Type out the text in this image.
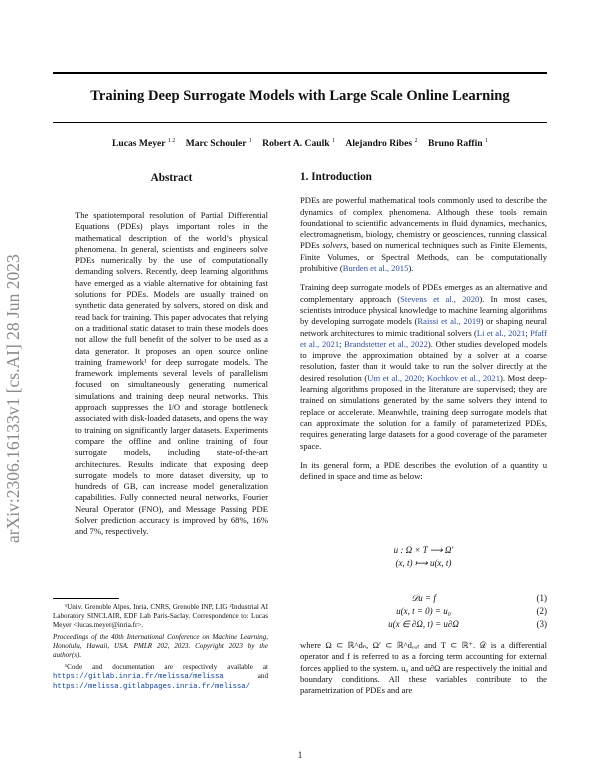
Training Deep Surrogate Models with Large Scale Online Learning
Lucas Meyer $^{1 2}$ Marc Schouler $^1$ Robert A. Caulk $^1$ Alejandro Ribes $^2$ Bruno Raffin $^1$
arXiv:2306.16133v1 [cs.AI] 28 Jun 2023
Abstract
The spatiotemporal resolution of Partial Differential Equations (PDEs) plays important roles in the mathematical description of the world’s physical phenomena. In general, scientists and engineers solve PDEs numerically by the use of computationally demanding solvers. Recently, deep learning algorithms have emerged as a viable alternative for obtaining fast solutions for PDEs. Models are usually trained on synthetic data generated by solvers, stored on disk and read back for training. This paper advocates that relying on a traditional static dataset to train these models does not allow the full benefit of the solver to be used as a data generator. It proposes an open source online training framework¹ for deep surrogate models. The framework implements several levels of parallelism focused on simultaneously generating numerical simulations and training deep neural networks. This approach suppresses the I/O and storage bottleneck associated with disk-loaded datasets, and opens the way to training on significantly larger datasets. Experiments compare the offline and online training of four surrogate models, including state-of-the-art architectures. Results indicate that exposing deep surrogate models to more dataset diversity, up to hundreds of GB, can increase model generalization capabilities. Fully connected neural networks, Fourier Neural Operator (FNO), and Message Passing PDE Solver prediction accuracy is improved by 68%, 16% and 7%, respectively.
¹Univ. Grenoble Alpes, Inria, CNRS, Grenoble INP, LIG ²Industrial AI Laboratory SINCLAIR, EDF Lab Paris-Saclay. Correspondence to: Lucas Meyer <lucas.meyer@inria.fr>.
Proceedings of the 40th International Conference on Machine Learning, Honolulu, Hawaii, USA. PMLR 202, 2023. Copyright 2023 by the author(s).
¹Code and documentation are respectively available at https://gitlab.inria.fr/melissa/melissa and https://melissa.gitlabpages.inria.fr/melissa/
1. Introduction

PDEs are powerful mathematical tools commonly used to describe the dynamics of complex phenomena. Although these tools remain foundational to scientific advancements in fluid dynamics, mechanics, electromagnetism, biology, chemistry or geosciences, running classical PDEs solvers, based on numerical techniques such as Finite Elements, Finite Volumes, or Spectral Methods, can be computationally prohibitive (Burden et al., 2015).

Training deep surrogate models of PDEs emerges as an alternative and complementary approach (Stevens et al., 2020). In most cases, scientists introduce physical knowledge to machine learning algorithms by developing surrogate models (Raissi et al., 2019) or shaping neural network architectures to mimic traditional solvers (Li et al., 2021; Pfaff et al., 2021; Brandstetter et al., 2022). Other studies developed models to improve the approximation obtained by a solver at a coarse resolution, faster than it would take to run the solver directly at the desired resolution (Um et al., 2020; Kochkov et al., 2021). Most deep-learning algorithms proposed in the literature are supervised; they are trained on simulations generated by the same solvers they intend to replace or accelerate. Meanwhile, training deep surrogate models that can approximate the solution for a family of parameterized PDEs, requires generating large datasets for a good coverage of the parameter space.

In its general form, a PDE describes the evolution of a quantity u defined in space and time as below:

u : Ω × T ⟶ Ω′
(x, t) ⟼ u(x, t)
𝒟u = f	(1)
u(x, t = 0) = u₀	(2)
u(x ∈ ∂Ω, t) = u∂Ω	(3)
where Ω ⊂ ℝ^dₙ, Ω′ ⊂ ℝ^dₒᵤₜ and T ⊂ ℝ⁺. 𝒟 is a differential operator and f is referred to as a forcing term accounting for external forces applied to the system. u₀ and u∂Ω are respectively the initial and boundary conditions. All these variables contribute to the parametrization of PDEs and are
1
